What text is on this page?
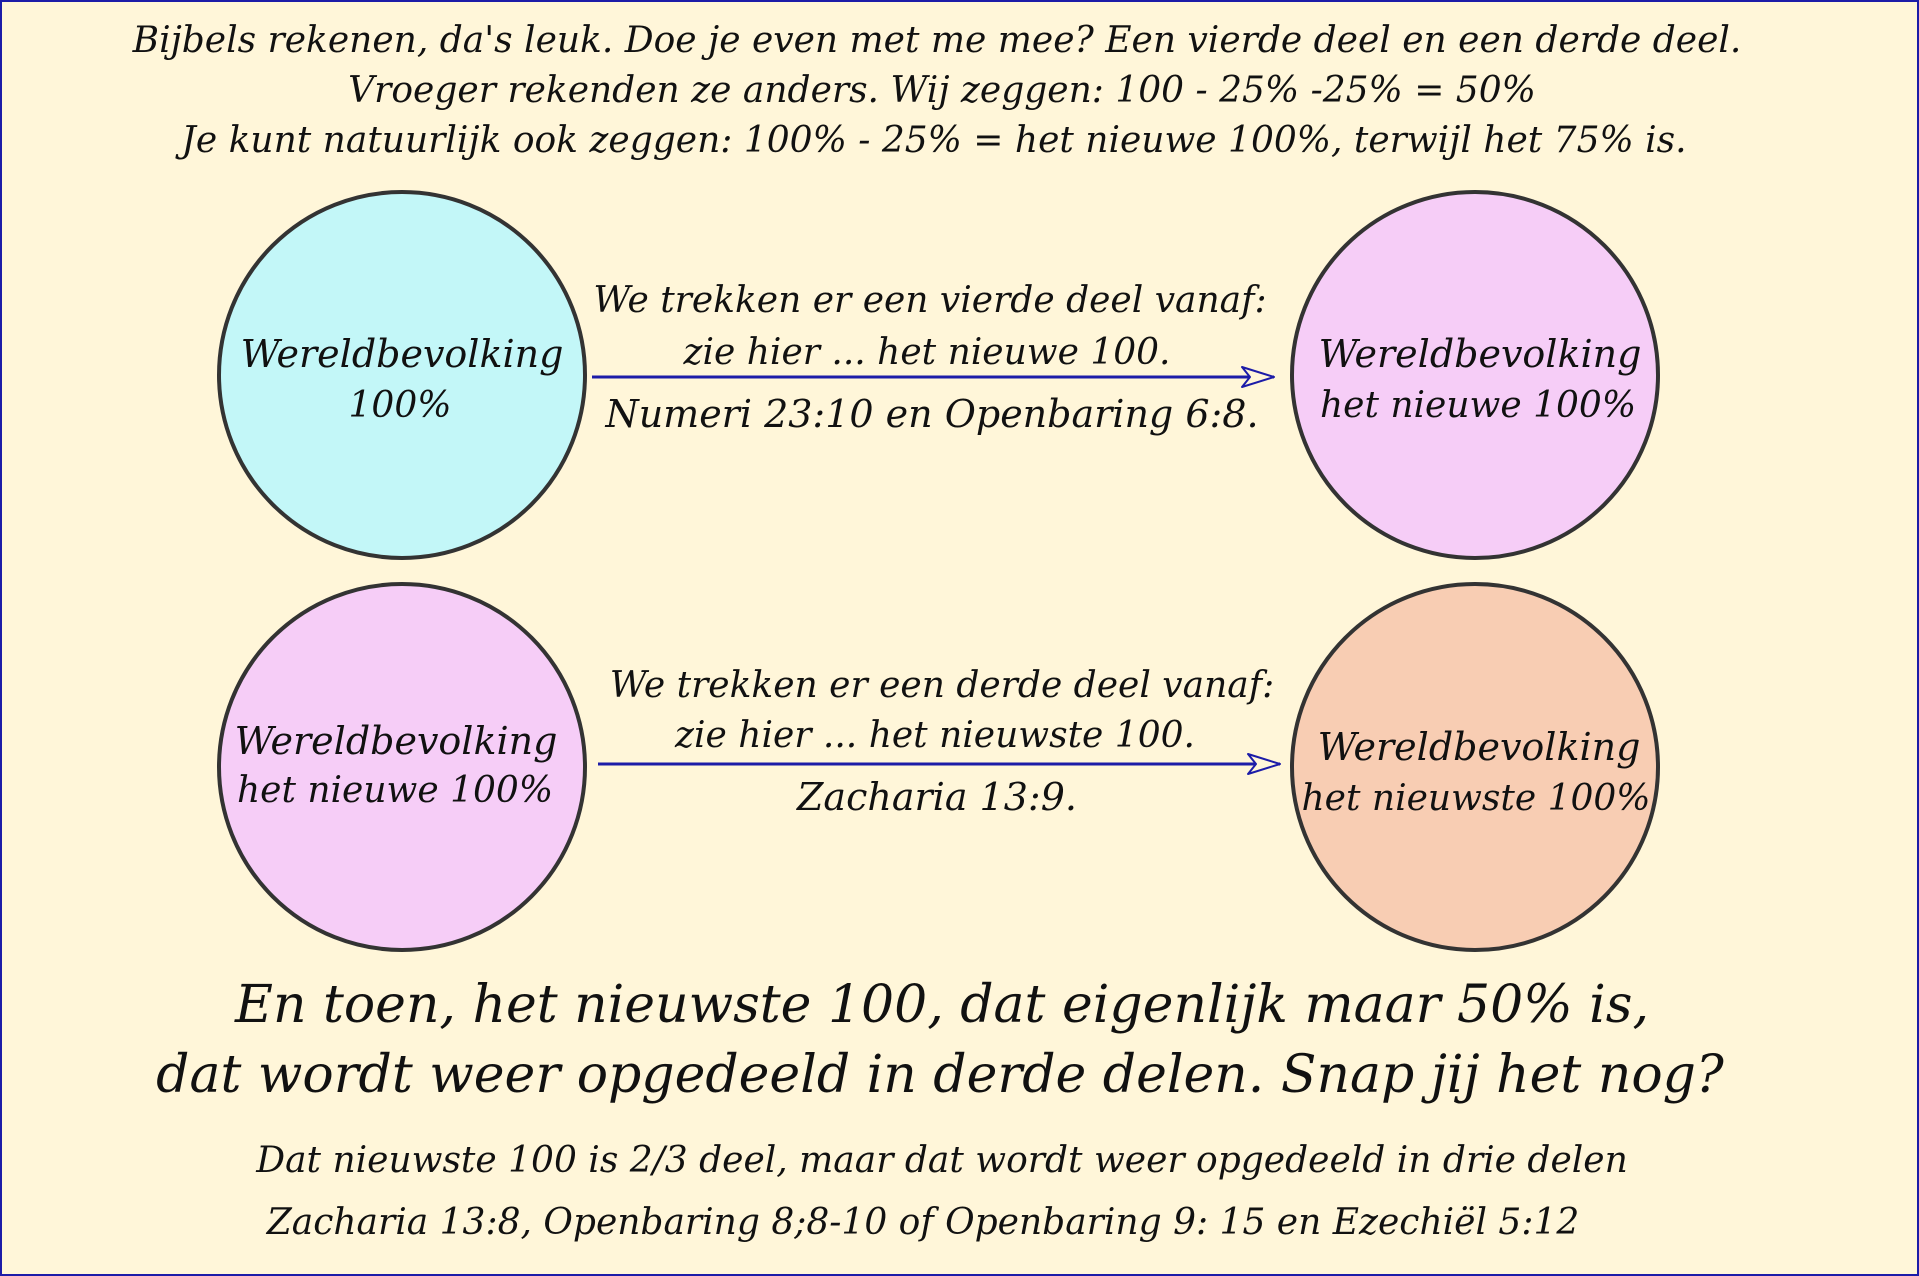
Bijbels rekenen, da's leuk. Doe je even met me mee? Een vierde deel en een derde deel.
Vroeger rekenden ze anders. Wij zeggen: 100 - 25% -25% = 50%
Je kunt natuurlijk ook zeggen: 100% - 25% = het nieuwe 100%, terwijl het 75% is.
Wereldbevolking
100%
We trekken er een vierde deel vanaf:
zie hier ... het nieuwe 100.
Numeri 23:10 en Openbaring 6:8.
Wereldbevolking
het nieuwe 100%
Wereldbevolking
het nieuwe 100%
We trekken er een derde deel vanaf:
zie hier ... het nieuwste 100.
Zacharia 13:9.
Wereldbevolking
het nieuwste 100%
En toen, het nieuwste 100, dat eigenlijk maar 50% is,
dat wordt weer opgedeeld in derde delen. Snap jij het nog?
Dat nieuwste 100 is 2/3 deel, maar dat wordt weer opgedeeld in drie delen
Zacharia 13:8, Openbaring 8;8-10 of Openbaring 9: 15 en Ezechiël 5:12
